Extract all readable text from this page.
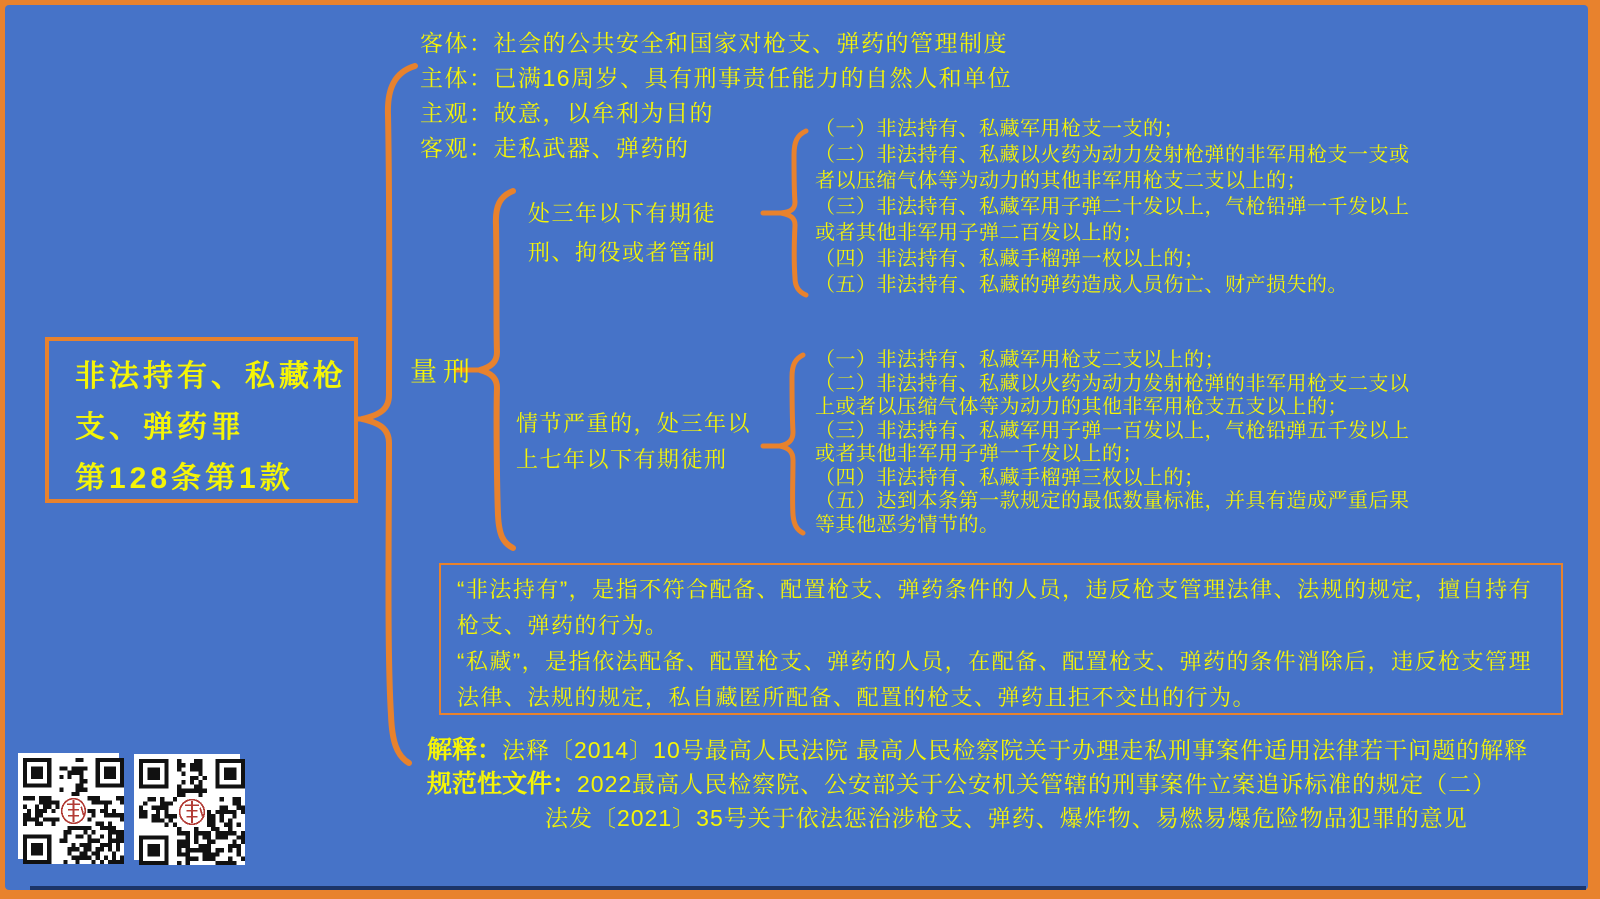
非法持有、私藏枪
支、弹药罪
第128条第1款
客体：社会的公共安全和国家对枪支、弹药的管理制度
主体：已满16周岁、具有刑事责任能力的自然人和单位
主观：故意，以牟利为目的
客观：走私武器、弹药的
量刑
处三年以下有期徒刑、拘役或者管制
情节严重的，处三年以上七年以下有期徒刑
（一）非法持有、私藏军用枪支一支的；
（二）非法持有、私藏以火药为动力发射枪弹的非军用枪支一支或者以压缩气体等为动力的其他非军用枪支二支以上的；
（三）非法持有、私藏军用子弹二十发以上，气枪铅弹一千发以上或者其他非军用子弹二百发以上的；
（四）非法持有、私藏手榴弹一枚以上的；
（五）非法持有、私藏的弹药造成人员伤亡、财产损失的。
（一）非法持有、私藏军用枪支二支以上的；
（二）非法持有、私藏以火药为动力发射枪弹的非军用枪支二支以上或者以压缩气体等为动力的其他非军用枪支五支以上的；
（三）非法持有、私藏军用子弹一百发以上，气枪铅弹五千发以上或者其他非军用子弹一千发以上的；
（四）非法持有、私藏手榴弹三枚以上的；
（五）达到本条第一款规定的最低数量标准，并具有造成严重后果等其他恶劣情节的。
“非法持有”，是指不符合配备、配置枪支、弹药条件的人员，违反枪支管理法律、法规的规定，擅自持有枪支、弹药的行为。
“私藏”，是指依法配备、配置枪支、弹药的人员，在配备、配置枪支、弹药的条件消除后，违反枪支管理法律、法规的规定，私自藏匿所配备、配置的枪支、弹药且拒不交出的行为。
解释：法释〔2014〕10号最高人民法院 最高人民检察院关于办理走私刑事案件适用法律若干问题的解释
规范性文件：2022最高人民检察院、公安部关于公安机关管辖的刑事案件立案追诉标准的规定（二）
法发〔2021〕35号关于依法惩治涉枪支、弹药、爆炸物、易燃易爆危险物品犯罪的意见
